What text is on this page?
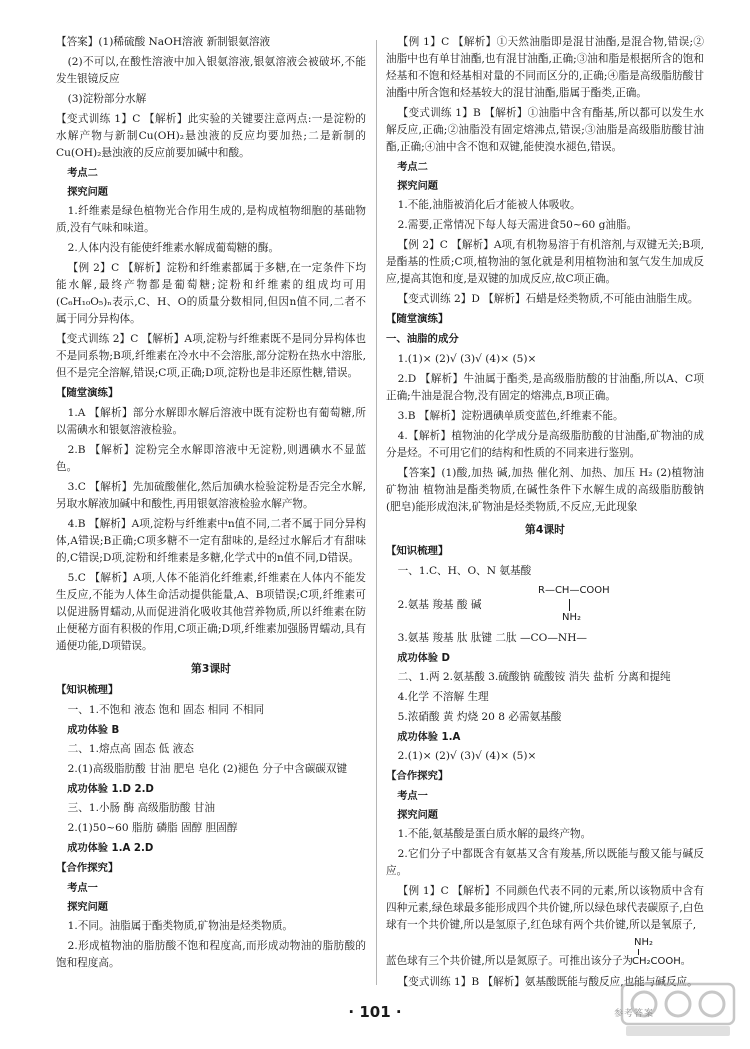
【答案】(1)稀硫酸 NaOH溶液 新制银氨溶液

(2)不可以,在酸性溶液中加入银氨溶液,银氨溶液会被破坏,不能发生银镜反应

(3)淀粉部分水解

【变式训练 1】C 【解析】此实验的关键要注意两点:一是淀粉的水解产物与新制Cu(OH)₂悬浊液的反应均要加热;二是新制的Cu(OH)₂悬浊液的反应前要加碱中和酸。

考点二

探究问题

1.纤维素是绿色植物光合作用生成的,是构成植物细胞的基础物质,没有气味和味道。

2.人体内没有能使纤维素水解成葡萄糖的酶。

【例 2】C 【解析】淀粉和纤维素都属于多糖,在一定条件下均能水解,最终产物都是葡萄糖;淀粉和纤维素的组成均可用(C₆H₁₀O₅)ₙ表示,C、H、O的质量分数相同,但因n值不同,二者不属于同分异构体。

【变式训练 2】C 【解析】A项,淀粉与纤维素既不是同分异构体也不是同系物;B项,纤维素在冷水中不会溶胀,部分淀粉在热水中溶胀,但不是完全溶解,错误;C项,正确;D项,淀粉也是非还原性糖,错误。

【随堂演练】

1.A 【解析】部分水解即水解后溶液中既有淀粉也有葡萄糖,所以需碘水和银氨溶液检验。

2.B 【解析】淀粉完全水解即溶液中无淀粉,则遇碘水不显蓝色。

3.C 【解析】先加硫酸催化,然后加碘水检验淀粉是否完全水解,另取水解液加碱中和酸性,再用银氨溶液检验水解产物。

4.B 【解析】A项,淀粉与纤维素中n值不同,二者不属于同分异构体,A错误;B正确;C项多糖不一定有甜味的,是经过水解后才有甜味的,C错误;D项,淀粉和纤维素是多糖,化学式中的n值不同,D错误。

5.C 【解析】A项,人体不能消化纤维素,纤维素在人体内不能发生反应,不能为人体生命活动提供能量,A、B项错误;C项,纤维素可以促进肠胃蠕动,从而促进消化吸收其他营养物质,所以纤维素在防止便秘方面有积极的作用,C项正确;D项,纤维素加强肠胃蠕动,具有通便功能,D项错误。

第3课时

【知识梳理】

一、1.不饱和 液态 饱和 固态 相同 不相同

成功体验 B

二、1.熔点高 固态 低 液态

2.(1)高级脂肪酸 甘油 肥皂 皂化 (2)褪色 分子中含碳碳双键

成功体验 1.D 2.D

三、1.小肠 酶 高级脂肪酸 甘油

2.(1)50~60 脂肪 磷脂 固醇 胆固醇

成功体验 1.A 2.D

【合作探究】

考点一

探究问题

1.不同。油脂属于酯类物质,矿物油是烃类物质。

2.形成植物油的脂肪酸不饱和程度高,而形成动物油的脂肪酸的饱和程度高。

【例 1】C 【解析】①天然油脂即是混甘油酯,是混合物,错误;②油脂中也有单甘油酯,也有混甘油酯,正确;③油和脂是根据所含的饱和烃基和不饱和烃基相对量的不同而区分的,正确;④脂是高级脂肪酸甘油酯中所含饱和烃基较大的混甘油酯,脂属于酯类,正确。

【变式训练 1】B 【解析】①油脂中含有酯基,所以都可以发生水解反应,正确;②油脂没有固定熔沸点,错误;③油脂是高级脂肪酸甘油酯,正确;④油中含不饱和双键,能使溴水褪色,错误。

考点二

探究问题

1.不能,油脂被消化后才能被人体吸收。

2.需要,正常情况下每人每天需进食50~60 g油脂。

【例 2】C 【解析】A项,有机物易溶于有机溶剂,与双键无关;B项,是酯基的性质;C项,植物油的氢化就是利用植物油和氢气发生加成反应,提高其饱和度,是双键的加成反应,故C项正确。

【变式训练 2】D 【解析】石蜡是烃类物质,不可能由油脂生成。

【随堂演练】

一、油脂的成分

1.(1)× (2)√ (3)√ (4)× (5)×

2.D 【解析】牛油属于酯类,是高级脂肪酸的甘油酯,所以A、C项正确;牛油是混合物,没有固定的熔沸点,B项正确。

3.B 【解析】淀粉遇碘单质变蓝色,纤维素不能。

4.【解析】植物油的化学成分是高级脂肪酸的甘油酯,矿物油的成分是烃。不可用它们的结构和性质的不同来进行鉴别。

【答案】(1)酸,加热 碱,加热 催化剂、加热、加压 H₂ (2)植物油 矿物油 植物油是酯类物质,在碱性条件下水解生成的高级脂肪酸钠(肥皂)能形成泡沫,矿物油是烃类物质,不反应,无此现象

第4课时

【知识梳理】

一、1.C、H、O、N 氨基酸

2.氨基 羧基 酸 碱
R—CH—COOH
NH₂

3.氨基 羧基 肽 肽键 二肽 —CO—NH—

成功体验 D

二、1.两 2.氨基酸 3.硫酸钠 硫酸铵 消失 盐析 分离和提纯

4.化学 不溶解 生理

5.浓硝酸 黄 灼烧 20 8 必需氨基酸

成功体验 1.A

2.(1)× (2)√ (3)√ (4)× (5)×

【合作探究】

考点一

探究问题

1.不能,氨基酸是蛋白质水解的最终产物。

2.它们分子中都既含有氨基又含有羧基,所以既能与酸又能与碱反应。

【例 1】C 【解析】不同颜色代表不同的元素,所以该物质中含有四种元素,绿色球最多能形成四个共价键,所以绿色球代表碳原子,白色球有一个共价键,所以是氢原子,红色球有两个共价键,所以是氧原子,

蓝色球有三个共价键,所以是氮原子。可推出该分子为
NH₂
CH₂COOH。

【变式训练 1】B 【解析】氨基酸既能与酸反应,也能与碱反应。

· 101 ·	参考答案
